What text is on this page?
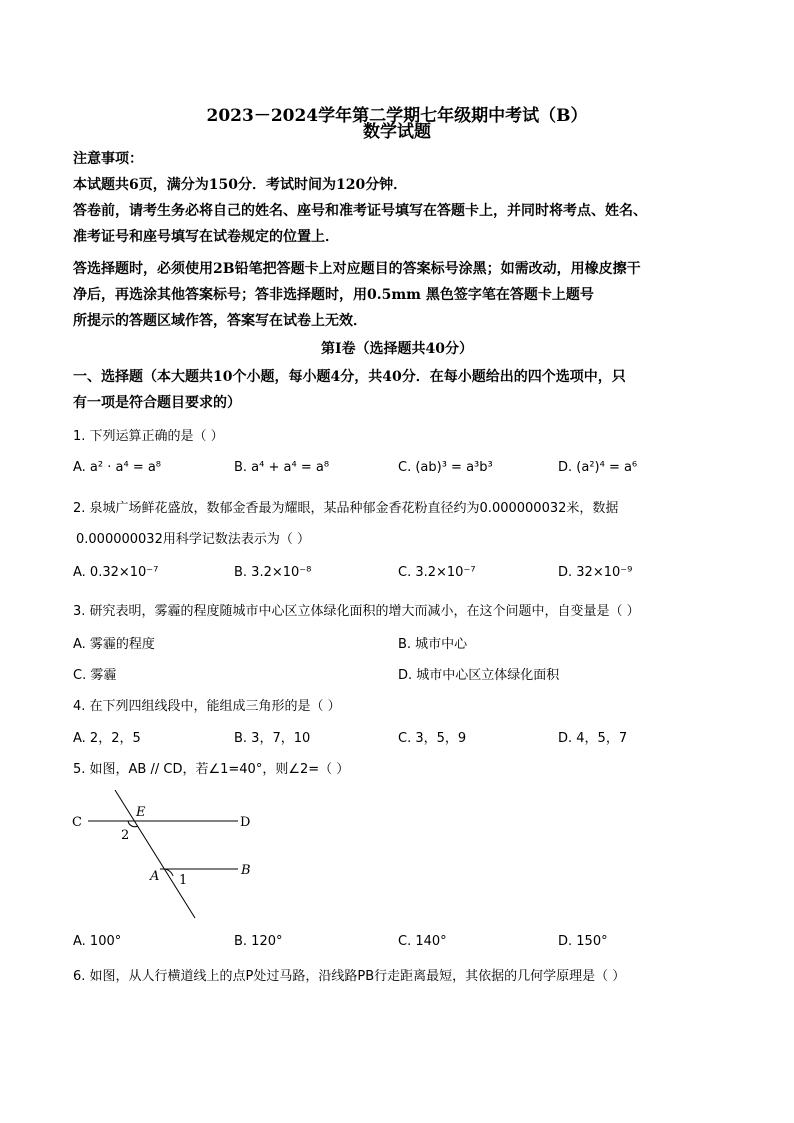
2023－2024学年第二学期七年级期中考试（B）
数学试题
注意事项：
本试题共6页，满分为150分．考试时间为120分钟．
答卷前，请考生务必将自己的姓名、座号和准考证号填写在答题卡上，并同时将考点、姓名、
准考证号和座号填写在试卷规定的位置上．
答选择题时，必须使用2B铅笔把答题卡上对应题目的答案标号涂黑；如需改动，用橡皮擦干
净后，再选涂其他答案标号；答非选择题时，用0.5mm 黑色签字笔在答题卡上题号
所提示的答题区域作答，答案写在试卷上无效．
第Ⅰ卷（选择题共40分）
一、选择题（本大题共10个小题，每小题4分，共40分．在每小题给出的四个选项中，只
有一项是符合题目要求的）
1. 下列运算正确的是（ ）
A. a² · a⁴ = a⁸	B. a⁴ + a⁴ = a⁸	C. (ab)³ = a³b³	D. (a²)⁴ = a⁶
2. 泉城广场鲜花盛放，数郁金香最为耀眼，某品种郁金香花粉直径约为0.000000032米，数据
0.000000032用科学记数法表示为（ ）
A. 0.32×10⁻⁷	B. 3.2×10⁻⁸	C. 3.2×10⁻⁷	D. 32×10⁻⁹
3. 研究表明，雾霾的程度随城市中心区立体绿化面积的增大而减小，在这个问题中，自变量是（ ）
A. 雾霾的程度	B. 城市中心
C. 雾霾	D. 城市中心区立体绿化面积
4. 在下列四组线段中，能组成三角形的是（ ）
A. 2，2，5	B. 3，7，10	C. 3，5，9	D. 4，5，7
5. 如图，AB // CD，若∠1=40°，则∠2=（ ）
C	D
E
2
A 1
B
A. 100°	B. 120°	C. 140°	D. 150°
6. 如图，从人行横道线上的点P处过马路，沿线路PB行走距离最短，其依据的几何学原理是（ ）
